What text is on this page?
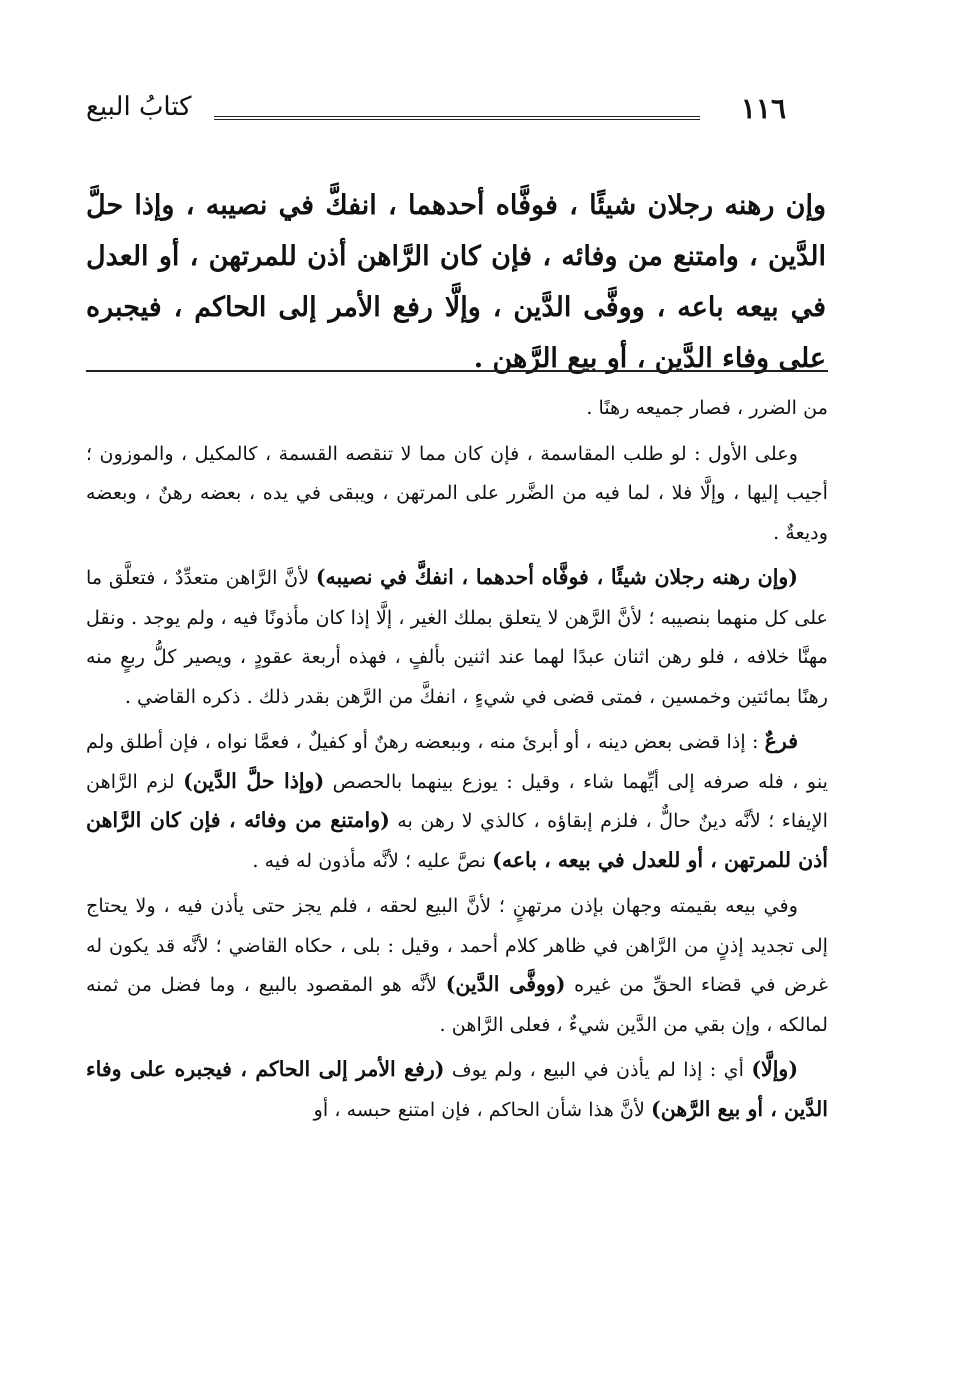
١١٦
كتابُ البيع

وإن رهنه رجلان شيئًا ، فوفَّاه أحدهما ، انفكَّ في نصيبه ، وإذا حلَّ الدَّين ، وامتنع من وفائه ، فإن كان الرَّاهن أذن للمرتهن ، أو العدل في بيعه باعه ، ووفَّى الدَّين ، وإلَّا رفع الأمر إلى الحاكم ، فيجبره على وفاء الدَّين ، أو بيع الرَّهن .

من الضرر ، فصار جميعه رهنًا .

وعلى الأول : لو طلب المقاسمة ، فإن كان مما لا تنقصه القسمة ، كالمكيل ، والموزون ؛ أجيب إليها ، وإلَّا فلا ، لما فيه من الضَّرر على المرتهن ، ويبقى في يده ، بعضه رهنٌ ، وبعضه وديعةٌ .

(وإن رهنه رجلان شيئًا ، فوفَّاه أحدهما ، انفكَّ في نصيبه) لأنَّ الرَّاهن متعدِّدٌ ، فتعلَّق ما على كل منهما بنصيبه ؛ لأنَّ الرَّهن لا يتعلق بملك الغير ، إلَّا إذا كان مأذونًا فيه ، ولم يوجد . ونقل مهنَّا خلافه ، فلو رهن اثنان عبدًا لهما عند اثنين بألفٍ ، فهذه أربعة عقودٍ ، ويصير كلُّ ربعٍ منه رهنًا بمائتين وخمسين ، فمتى قضى في شيءٍ ، انفكَّ من الرَّهن بقدر ذلك . ذكره القاضي .

فرعٌ : إذا قضى بعض دينه ، أو أبرئ منه ، وببعضه رهنٌ أو كفيلٌ ، فعمَّا نواه ، فإن أطلق ولم ينو ، فله صرفه إلى أيِّهما شاء ، وقيل : يوزع بينهما بالحصص (وإذا حلَّ الدَّين) لزم الرَّاهن الإيفاء ؛ لأنَّه دينٌ حالٌّ ، فلزم إبقاؤه ، كالذي لا رهن به (وامتنع من وفائه ، فإن كان الرَّاهن أذن للمرتهن ، أو للعدل في بيعه ، باعه) نصَّ عليه ؛ لأنَّه مأذون له فيه .

وفي بيعه بقيمته وجهان بإذن مرتهنٍ ؛ لأنَّ البيع لحقه ، فلم يجز حتى يأذن فيه ، ولا يحتاج إلى تجديد إذنٍ من الرَّاهن في ظاهر كلام أحمد ، وقيل : بلى ، حكاه القاضي ؛ لأنَّه قد يكون له غرض في قضاء الحقِّ من غيره (ووفَّى الدَّين) لأنَّه هو المقصود بالبيع ، وما فضل من ثمنه لمالكه ، وإن بقي من الدَّين شيءٌ ، فعلى الرَّاهن .

(وإلَّا) أي : إذا لم يأذن في البيع ، ولم يوف (رفع الأمر إلى الحاكم ، فيجبره على وفاء الدَّين ، أو بيع الرَّهن) لأنَّ هذا شأن الحاكم ، فإن امتنع حبسه ، أو
